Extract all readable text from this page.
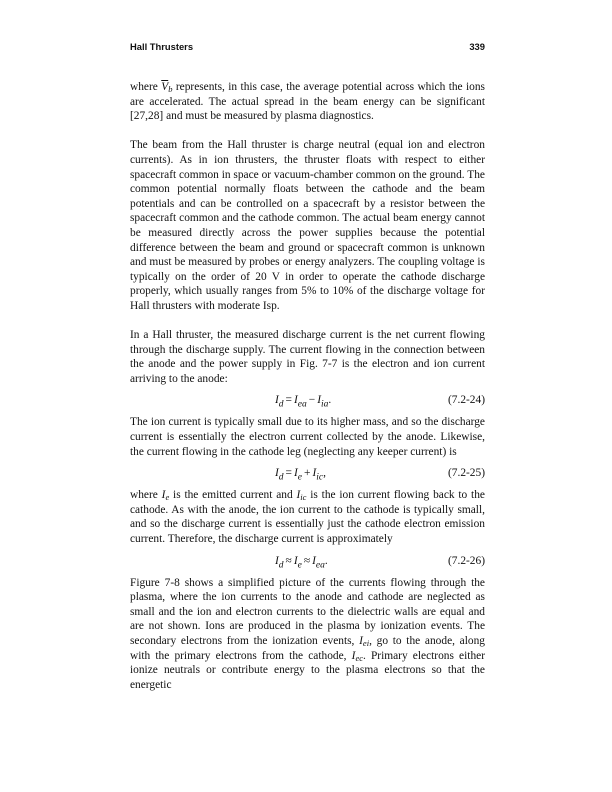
Hall Thrusters	339

where $\overline{V}_b$ represents, in this case, the average potential across which the ions are accelerated. The actual spread in the beam energy can be significant [27,28] and must be measured by plasma diagnostics.

The beam from the Hall thruster is charge neutral (equal ion and electron currents). As in ion thrusters, the thruster floats with respect to either spacecraft common in space or vacuum-chamber common on the ground. The common potential normally floats between the cathode and the beam potentials and can be controlled on a spacecraft by a resistor between the spacecraft common and the cathode common. The actual beam energy cannot be measured directly across the power supplies because the potential difference between the beam and ground or spacecraft common is unknown and must be measured by probes or energy analyzers. The coupling voltage is typically on the order of 20 V in order to operate the cathode discharge properly, which usually ranges from 5% to 10% of the discharge voltage for Hall thrusters with moderate Isp.

In a Hall thruster, the measured discharge current is the net current flowing through the discharge supply. The current flowing in the connection between the anode and the power supply in Fig. 7-7 is the electron and ion current arriving to the anode:

$I_d = I_{ea} - I_{ia}$.	(7.2-24)

The ion current is typically small due to its higher mass, and so the discharge current is essentially the electron current collected by the anode. Likewise, the current flowing in the cathode leg (neglecting any keeper current) is

$I_d = I_e + I_{ic}$,	(7.2-25)

where $I_e$ is the emitted current and $I_{ic}$ is the ion current flowing back to the cathode. As with the anode, the ion current to the cathode is typically small, and so the discharge current is essentially just the cathode electron emission current. Therefore, the discharge current is approximately

$I_d \approx I_e \approx I_{ea}$.	(7.2-26)

Figure 7-8 shows a simplified picture of the currents flowing through the plasma, where the ion currents to the anode and cathode are neglected as small and the ion and electron currents to the dielectric walls are equal and are not shown. Ions are produced in the plasma by ionization events. The secondary electrons from the ionization events, $I_{ei}$, go to the anode, along with the primary electrons from the cathode, $I_{ec}$. Primary electrons either ionize neutrals or contribute energy to the plasma electrons so that the energetic
